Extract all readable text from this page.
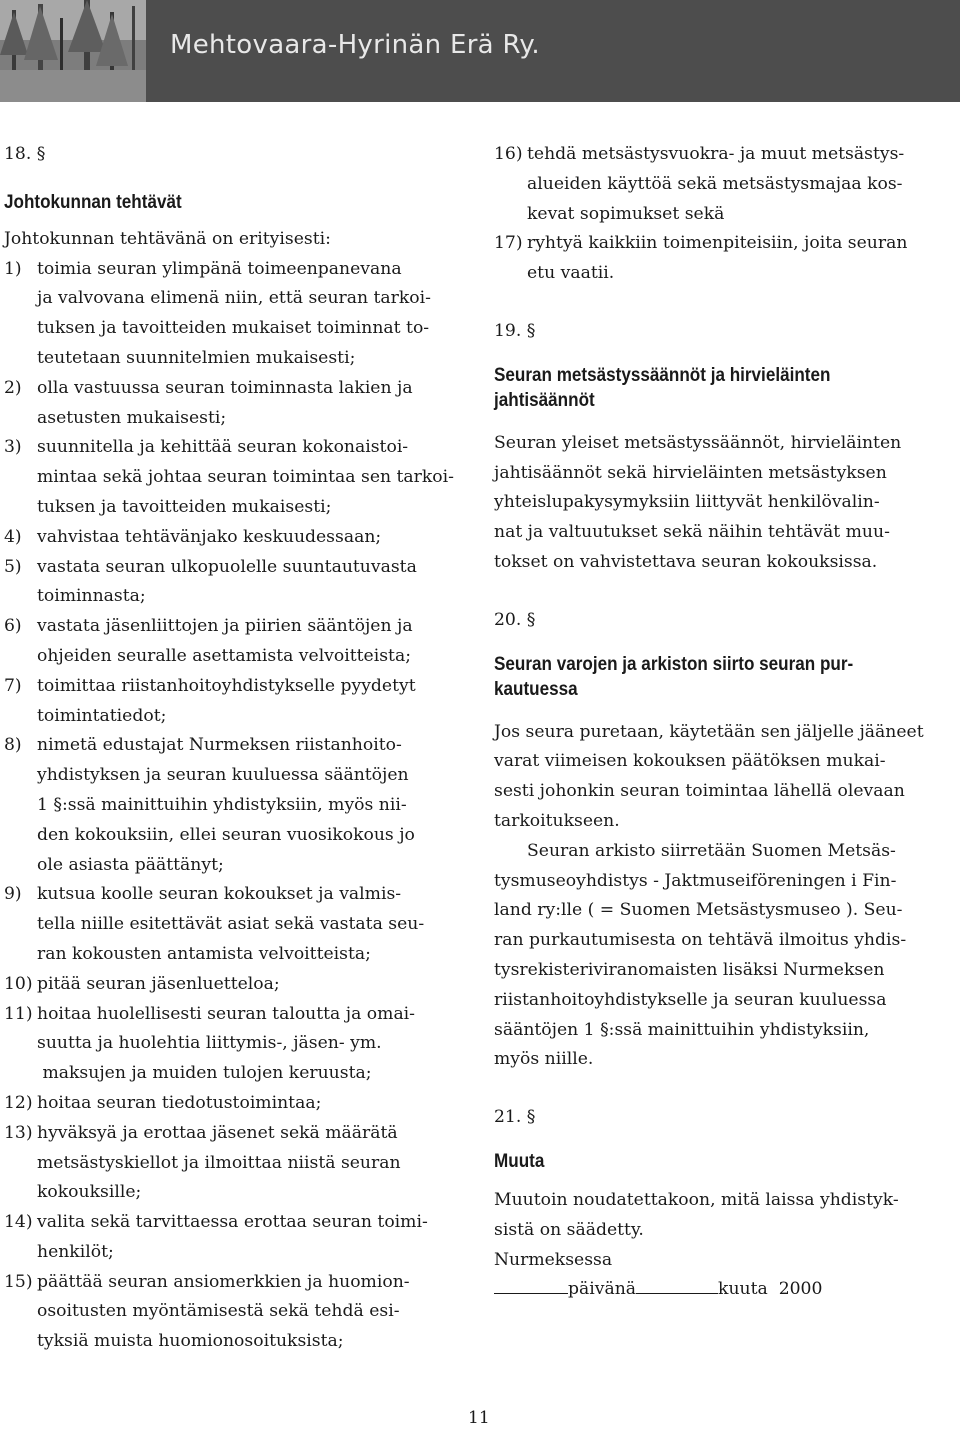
Mehtovaara-Hyrinän Erä Ry.

18. §

Johtokunnan tehtävät

Johtokunnan tehtävänä on erityisesti:

1) toimia seuran ylimpänä toimeenpanevana
ja valvovana elimenä niin, että seuran tarkoi-
tuksen ja tavoitteiden mukaiset toiminnat to-
teutetaan suunnitelmien mukaisesti;
2) olla vastuussa seuran toiminnasta lakien ja
asetusten mukaisesti;
3) suunnitella ja kehittää seuran kokonaistoi-
mintaa sekä johtaa seuran toimintaa sen tarkoi-
tuksen ja tavoitteiden mukaisesti;
4) vahvistaa tehtävänjako keskuudessaan;
5) vastata seuran ulkopuolelle suuntautuvasta
toiminnasta;
6) vastata jäsenliittojen ja piirien sääntöjen ja
ohjeiden seuralle asettamista velvoitteista;
7) toimittaa riistanhoitoyhdistykselle pyydetyt
toimintatiedot;
8) nimetä edustajat Nurmeksen riistanhoito-
yhdistyksen ja seuran kuuluessa sääntöjen
1 §:ssä mainittuihin yhdistyksiin, myös nii-
den kokouksiin, ellei seuran vuosikokous jo
ole asiasta päättänyt;
9) kutsua koolle seuran kokoukset ja valmis-
tella niille esitettävät asiat sekä vastata seu-
ran kokousten antamista velvoitteista;
10) pitää seuran jäsenluetteloa;
11) hoitaa huolellisesti seuran taloutta ja omai-
suutta ja huolehtia liittymis-, jäsen- ym.
maksujen ja muiden tulojen keruusta;
12) hoitaa seuran tiedotustoimintaa;
13) hyväksyä ja erottaa jäsenet sekä määrätä
metsästyskiellot ja ilmoittaa niistä seuran
kokouksille;
14) valita sekä tarvittaessa erottaa seuran toimi-
henkilöt;
15) päättää seuran ansiomerkkien ja huomion-
osoitusten myöntämisestä sekä tehdä esi-
tyksiä muista huomionosoituksista;
16) tehdä metsästysvuokra- ja muut metsästys-
alueiden käyttöä sekä metsästysmajaa kos-
kevat sopimukset sekä
17) ryhtyä kaikkiin toimenpiteisiin, joita seuran
etu vaatii.

19. §

Seuran metsästyssäännöt ja hirvieläinten

jahtisäännöt

Seuran yleiset metsästyssäännöt, hirvieläinten
jahtisäännöt sekä hirvieläinten metsästyksen
yhteislupakysymyksiin liittyvät henkilövalin-
nat ja valtuutukset sekä näihin tehtävät muu-
tokset on vahvistettava seuran kokouksissa.

20. §

Seuran varojen ja arkiston siirto seuran pur-

kautuessa

Jos seura puretaan, käytetään sen jäljelle jääneet
varat viimeisen kokouksen päätöksen mukai-
sesti johonkin seuran toimintaa lähellä olevaan
tarkoitukseen.
Seuran arkisto siirretään Suomen Metsäs-
tysmuseoyhdistys - Jaktmuseiföreningen i Fin-
land ry:lle ( = Suomen Metsästysmuseo ). Seu-
ran purkautumisesta on tehtävä ilmoitus yhdis-
tysrekisteriviranomaisten lisäksi Nurmeksen
riistanhoitoyhdistykselle ja seuran kuuluessa
sääntöjen 1 §:ssä mainittuihin yhdistyksiin,
myös niille.

21. §

Muuta

Muutoin noudatettakoon, mitä laissa yhdistyk-
sistä on säädetty.

Nurmeksessa

päivänä	kuuta 2000
11
